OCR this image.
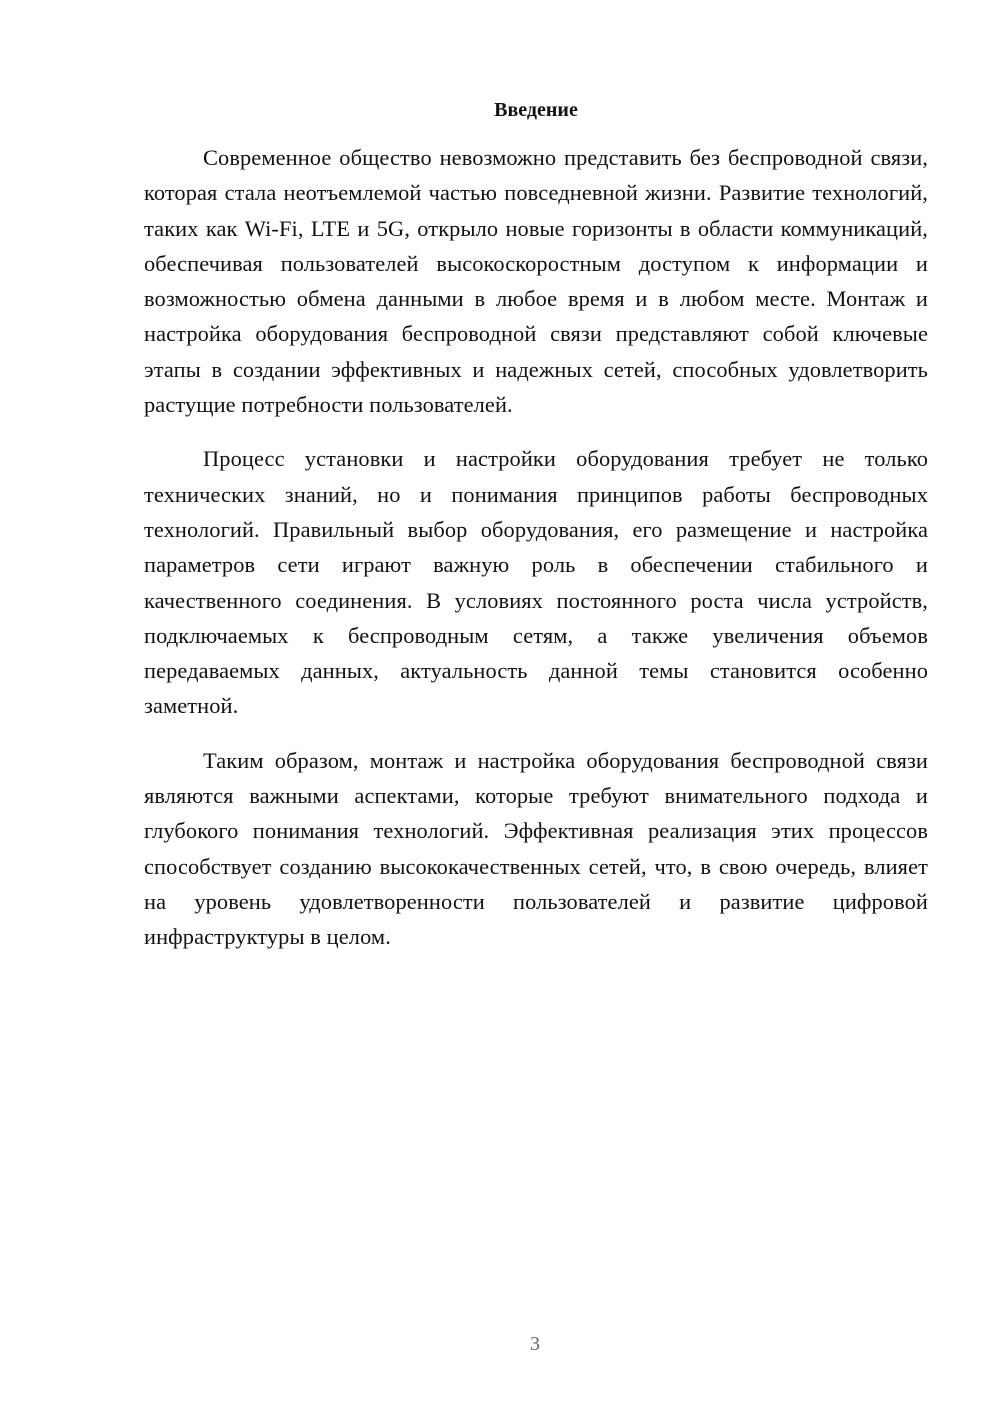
Введение

Современное общество невозможно представить без беспроводной связи, которая стала неотъемлемой частью повседневной жизни. Развитие технологий, таких как Wi-Fi, LTE и 5G, открыло новые горизонты в области коммуникаций, обеспечивая пользователей высокоскоростным доступом к информации и возможностью обмена данными в любое время и в любом месте. Монтаж и настройка оборудования беспроводной связи представляют собой ключевые этапы в создании эффективных и надежных сетей, способных удовлетворить растущие потребности пользователей.

Процесс установки и настройки оборудования требует не только технических знаний, но и понимания принципов работы беспроводных технологий. Правильный выбор оборудования, его размещение и настройка параметров сети играют важную роль в обеспечении стабильного и качественного соединения. В условиях постоянного роста числа устройств, подключаемых к беспроводным сетям, а также увеличения объемов передаваемых данных, актуальность данной темы становится особенно заметной.

Таким образом, монтаж и настройка оборудования беспроводной связи являются важными аспектами, которые требуют внимательного подхода и глубокого понимания технологий. Эффективная реализация этих процессов способствует созданию высококачественных сетей, что, в свою очередь, влияет на уровень удовлетворенности пользователей и развитие цифровой инфраструктуры в целом.

3
